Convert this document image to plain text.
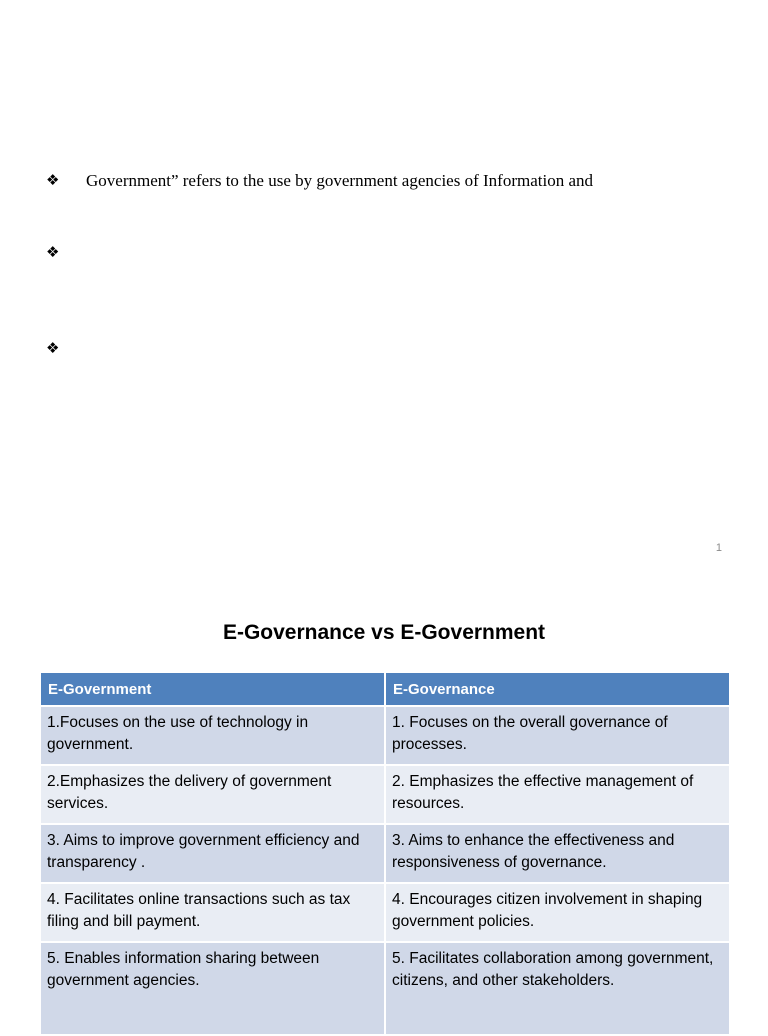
❖	Government” refers to the use by government agencies of Information and
❖
❖
1
E-Governance vs E-Government
E-Government	E-Governance
1.Focuses on the use of technology in government.	1. Focuses on the overall governance of processes.
2.Emphasizes the delivery of government services.	2. Emphasizes the effective management of resources.
3. Aims to improve government efficiency and transparency .	3. Aims to enhance the effectiveness and responsiveness of governance.
4. Facilitates online transactions such as tax filing and bill payment.	4. Encourages citizen involvement in shaping government policies.
5. Enables information sharing between government agencies.	5. Facilitates collaboration among government, citizens, and other stakeholders.
